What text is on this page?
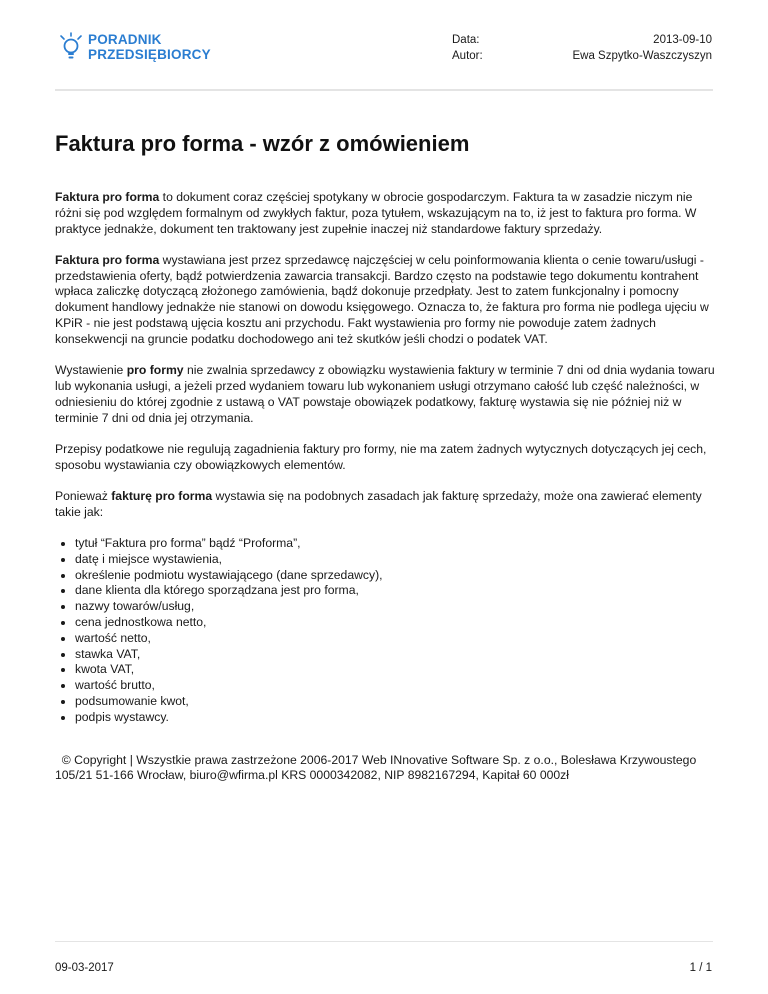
PORADNIK
PRZEDSIĘBIORCY
Data:
Autor:
2013-09-10
Ewa Szpytko-Waszczyszyn
Faktura pro forma - wzór z omówieniem

Faktura pro forma to dokument coraz częściej spotykany w obrocie gospodarczym. Faktura ta w zasadzie niczym nie różni się pod względem formalnym od zwykłych faktur, poza tytułem, wskazującym na to, iż jest to faktura pro forma. W praktyce jednakże, dokument ten traktowany jest zupełnie inaczej niż standardowe faktury sprzedaży.

Faktura pro forma wystawiana jest przez sprzedawcę najczęściej w celu poinformowania klienta o cenie towaru/usługi - przedstawienia oferty, bądź potwierdzenia zawarcia transakcji. Bardzo często na podstawie tego dokumentu kontrahent wpłaca zaliczkę dotyczącą złożonego zamówienia, bądź dokonuje przedpłaty. Jest to zatem funkcjonalny i pomocny dokument handlowy jednakże nie stanowi on dowodu księgowego. Oznacza to, że faktura pro forma nie podlega ujęciu w KPiR - nie jest podstawą ujęcia kosztu ani przychodu. Fakt wystawienia pro formy nie powoduje zatem żadnych konsekwencji na gruncie podatku dochodowego ani też skutków jeśli chodzi o podatek VAT.

Wystawienie pro formy nie zwalnia sprzedawcy z obowiązku wystawienia faktury w terminie 7 dni od dnia wydania towaru lub wykonania usługi, a jeżeli przed wydaniem towaru lub wykonaniem usługi otrzymano całość lub część należności, w odniesieniu do której zgodnie z ustawą o VAT powstaje obowiązek podatkowy, fakturę wystawia się nie później niż w terminie 7 dni od dnia jej otrzymania.

Przepisy podatkowe nie regulują zagadnienia faktury pro formy, nie ma zatem żadnych wytycznych dotyczących jej cech, sposobu wystawiania czy obowiązkowych elementów.

Ponieważ fakturę pro forma wystawia się na podobnych zasadach jak fakturę sprzedaży, może ona zawierać elementy takie jak:

• tytuł “Faktura pro forma” bądź “Proforma”,
• datę i miejsce wystawienia,
• określenie podmiotu wystawiającego (dane sprzedawcy),
• dane klienta dla którego sporządzana jest pro forma,
• nazwy towarów/usług,
• cena jednostkowa netto,
• wartość netto,
• stawka VAT,
• kwota VAT,
• wartość brutto,
• podsumowanie kwot,
• podpis wystawcy.

© Copyright | Wszystkie prawa zastrzeżone 2006-2017 Web INnovative Software Sp. z o.o., Bolesława Krzywoustego 105/21 51-166 Wrocław, biuro@wfirma.pl KRS 0000342082, NIP 8982167294, Kapitał 60 000zł

09-03-2017	1 / 1
